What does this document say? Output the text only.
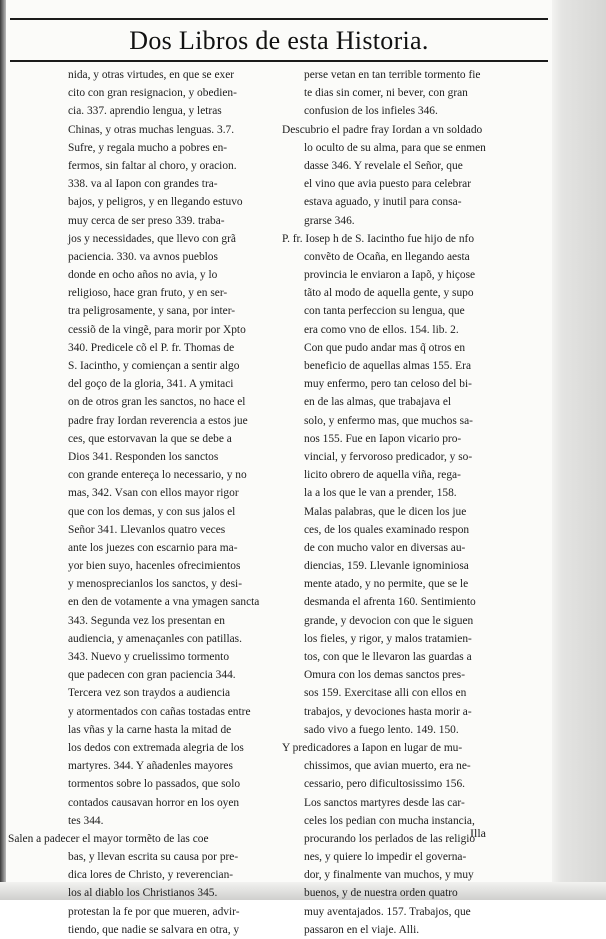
Dos Libros de esta Historia.
nida, y otras virtudes, en que se exer
cito con gran resignacion, y obedien-
cia. 337. aprendio lengua, y letras
Chinas, y otras muchas lenguas. 3.7.
Sufre, y regala mucho a pobres en-
fermos, sin faltar al choro, y oracion.
338. va al Iapon con grandes tra-
bajos, y peligros, y en llegando estuvo
muy cerca de ser preso 339. traba-
jos y necessidades, que llevo con grã
paciencia. 330. va avnos pueblos
donde en ocho años no avia, y lo
religioso, hace gran fruto, y en ser-
tra peligrosamente, y sana, por inter-
cessiõ de la vingẽ, para morir por Xpto
340. Predicele cõ el P. fr. Thomas de
S. Iacintho, y comiençan a sentir algo
del goço de la gloria, 341. A ymitaci
on de otros gran les sanctos, no hace el
padre fray Iordan reverencia a estos jue
ces, que estorvavan la que se debe a
Dios 341. Responden los sanctos
con grande entereça lo necessario, y no
mas, 342. Vsan con ellos mayor rigor
que con los demas, y con sus jalos el
Señor 341. Llevanlos quatro veces
ante los juezes con escarnio para ma-
yor bien suyo, hacenles ofrecimientos
y menosprecianlos los sanctos, y desi-
en den de votamente a vna ymagen sancta
343. Segunda vez los presentan en
audiencia, y amenaçanles con patillas.
343. Nuevo y cruelissimo tormento
que padecen con gran paciencia 344.
Tercera vez son traydos a audiencia
y atormentados con cañas tostadas entre
las vñas y la carne hasta la mitad de
los dedos con extremada alegria de los
martyres. 344. Y añadenles mayores
tormentos sobre lo passados, que solo
contados causavan horror en los oyen
tes 344.
Salen a padecer el mayor tormẽto de las coe
bas, y llevan escrita su causa por pre-
dica lores de Christo, y reverencian-
los al diablo los Christianos 345.
protestan la fe por que mueren, advir-
tiendo, que nadie se salvara en otra, y
perse vetan en tan terrible tormento fie
te dias sin comer, ni bever, con gran
confusion de los infieles 346.
Descubrio el padre fray Iordan a vn soldado
lo oculto de su alma, para que se enmen
dasse 346. Y revelale el Señor, que
el vino que avia puesto para celebrar
estava aguado, y inutil para consa-
grarse 346.
P. fr. Iosep h de S. Iacintho fue hijo de nfo
convẽto de Ocaña, en llegando aesta
provincia le enviaron a Iapõ, y hiçose
tãto al modo de aquella gente, y supo
con tanta perfeccion su lengua, que
era como vno de ellos. 154. lib. 2.
Con que pudo andar mas q̃ otros en
beneficio de aquellas almas 155. Era
muy enfermo, pero tan celoso del bi-
en de las almas, que trabajava el
solo, y enfermo mas, que muchos sa-
nos 155. Fue en Iapon vicario pro-
vincial, y fervoroso predicador, y so-
licito obrero de aquella viña, rega-
la a los que le van a prender, 158.
Malas palabras, que le dicen los jue
ces, de los quales examinado respon
de con mucho valor en diversas au-
diencias, 159. Llevanle ignominiosa
mente atado, y no permite, que se le
desmanda el afrenta 160. Sentimiento
grande, y devocion con que le siguen
los fieles, y rigor, y malos tratamien-
tos, con que le llevaron las guardas a
Omura con los demas sanctos pres-
sos 159. Exercitase alli con ellos en
trabajos, y devociones hasta morir a-
sado vivo a fuego lento. 149. 150.
Y predicadores a Iapon en lugar de mu-
chissimos, que avian muerto, era ne-
cessario, pero dificultosissimo 156.
Los sanctos martyres desde las car-
celes los pedian con mucha instancia,
procurando los perlados de las religio
nes, y quiere lo impedir el governa-
dor, y finalmente van muchos, y muy
buenos, y de nuestra orden quatro
muy aventajados. 157. Trabajos, que
passaron en el viaje. Alli.
Illa
